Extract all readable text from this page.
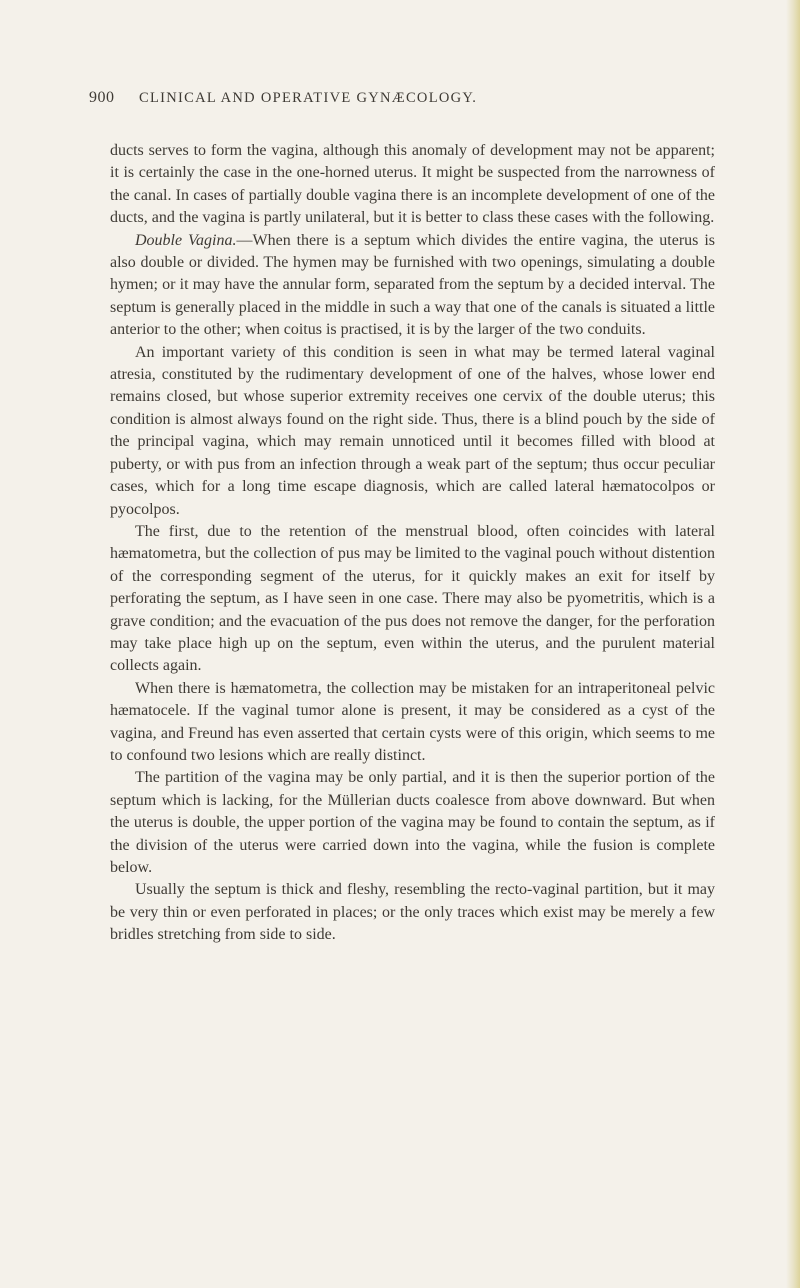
900 CLINICAL AND OPERATIVE GYNÆCOLOGY.

ducts serves to form the vagina, although this anomaly of development may not be apparent; it is certainly the case in the one-horned uterus. It might be suspected from the narrowness of the canal. In cases of partially double vagina there is an incomplete development of one of the ducts, and the vagina is partly unilateral, but it is better to class these cases with the following.

Double Vagina.—When there is a septum which divides the entire vagina, the uterus is also double or divided. The hymen may be furnished with two openings, simulating a double hymen; or it may have the annular form, separated from the septum by a decided interval. The septum is generally placed in the middle in such a way that one of the canals is situated a little anterior to the other; when coitus is practised, it is by the larger of the two conduits.

An important variety of this condition is seen in what may be termed lateral vaginal atresia, constituted by the rudimentary development of one of the halves, whose lower end remains closed, but whose superior extremity receives one cervix of the double uterus; this condition is almost always found on the right side. Thus, there is a blind pouch by the side of the principal vagina, which may remain unnoticed until it becomes filled with blood at puberty, or with pus from an infection through a weak part of the septum; thus occur peculiar cases, which for a long time escape diagnosis, which are called lateral hæmatocolpos or pyocolpos.

The first, due to the retention of the menstrual blood, often coincides with lateral hæmatometra, but the collection of pus may be limited to the vaginal pouch without distention of the corresponding segment of the uterus, for it quickly makes an exit for itself by perforating the septum, as I have seen in one case. There may also be pyometritis, which is a grave condition; and the evacuation of the pus does not remove the danger, for the perforation may take place high up on the septum, even within the uterus, and the purulent material collects again.

When there is hæmatometra, the collection may be mistaken for an intraperitoneal pelvic hæmatocele. If the vaginal tumor alone is present, it may be considered as a cyst of the vagina, and Freund has even asserted that certain cysts were of this origin, which seems to me to confound two lesions which are really distinct.

The partition of the vagina may be only partial, and it is then the superior portion of the septum which is lacking, for the Müllerian ducts coalesce from above downward. But when the uterus is double, the upper portion of the vagina may be found to contain the septum, as if the division of the uterus were carried down into the vagina, while the fusion is complete below.

Usually the septum is thick and fleshy, resembling the recto-vaginal partition, but it may be very thin or even perforated in places; or the only traces which exist may be merely a few bridles stretching from side to side.
